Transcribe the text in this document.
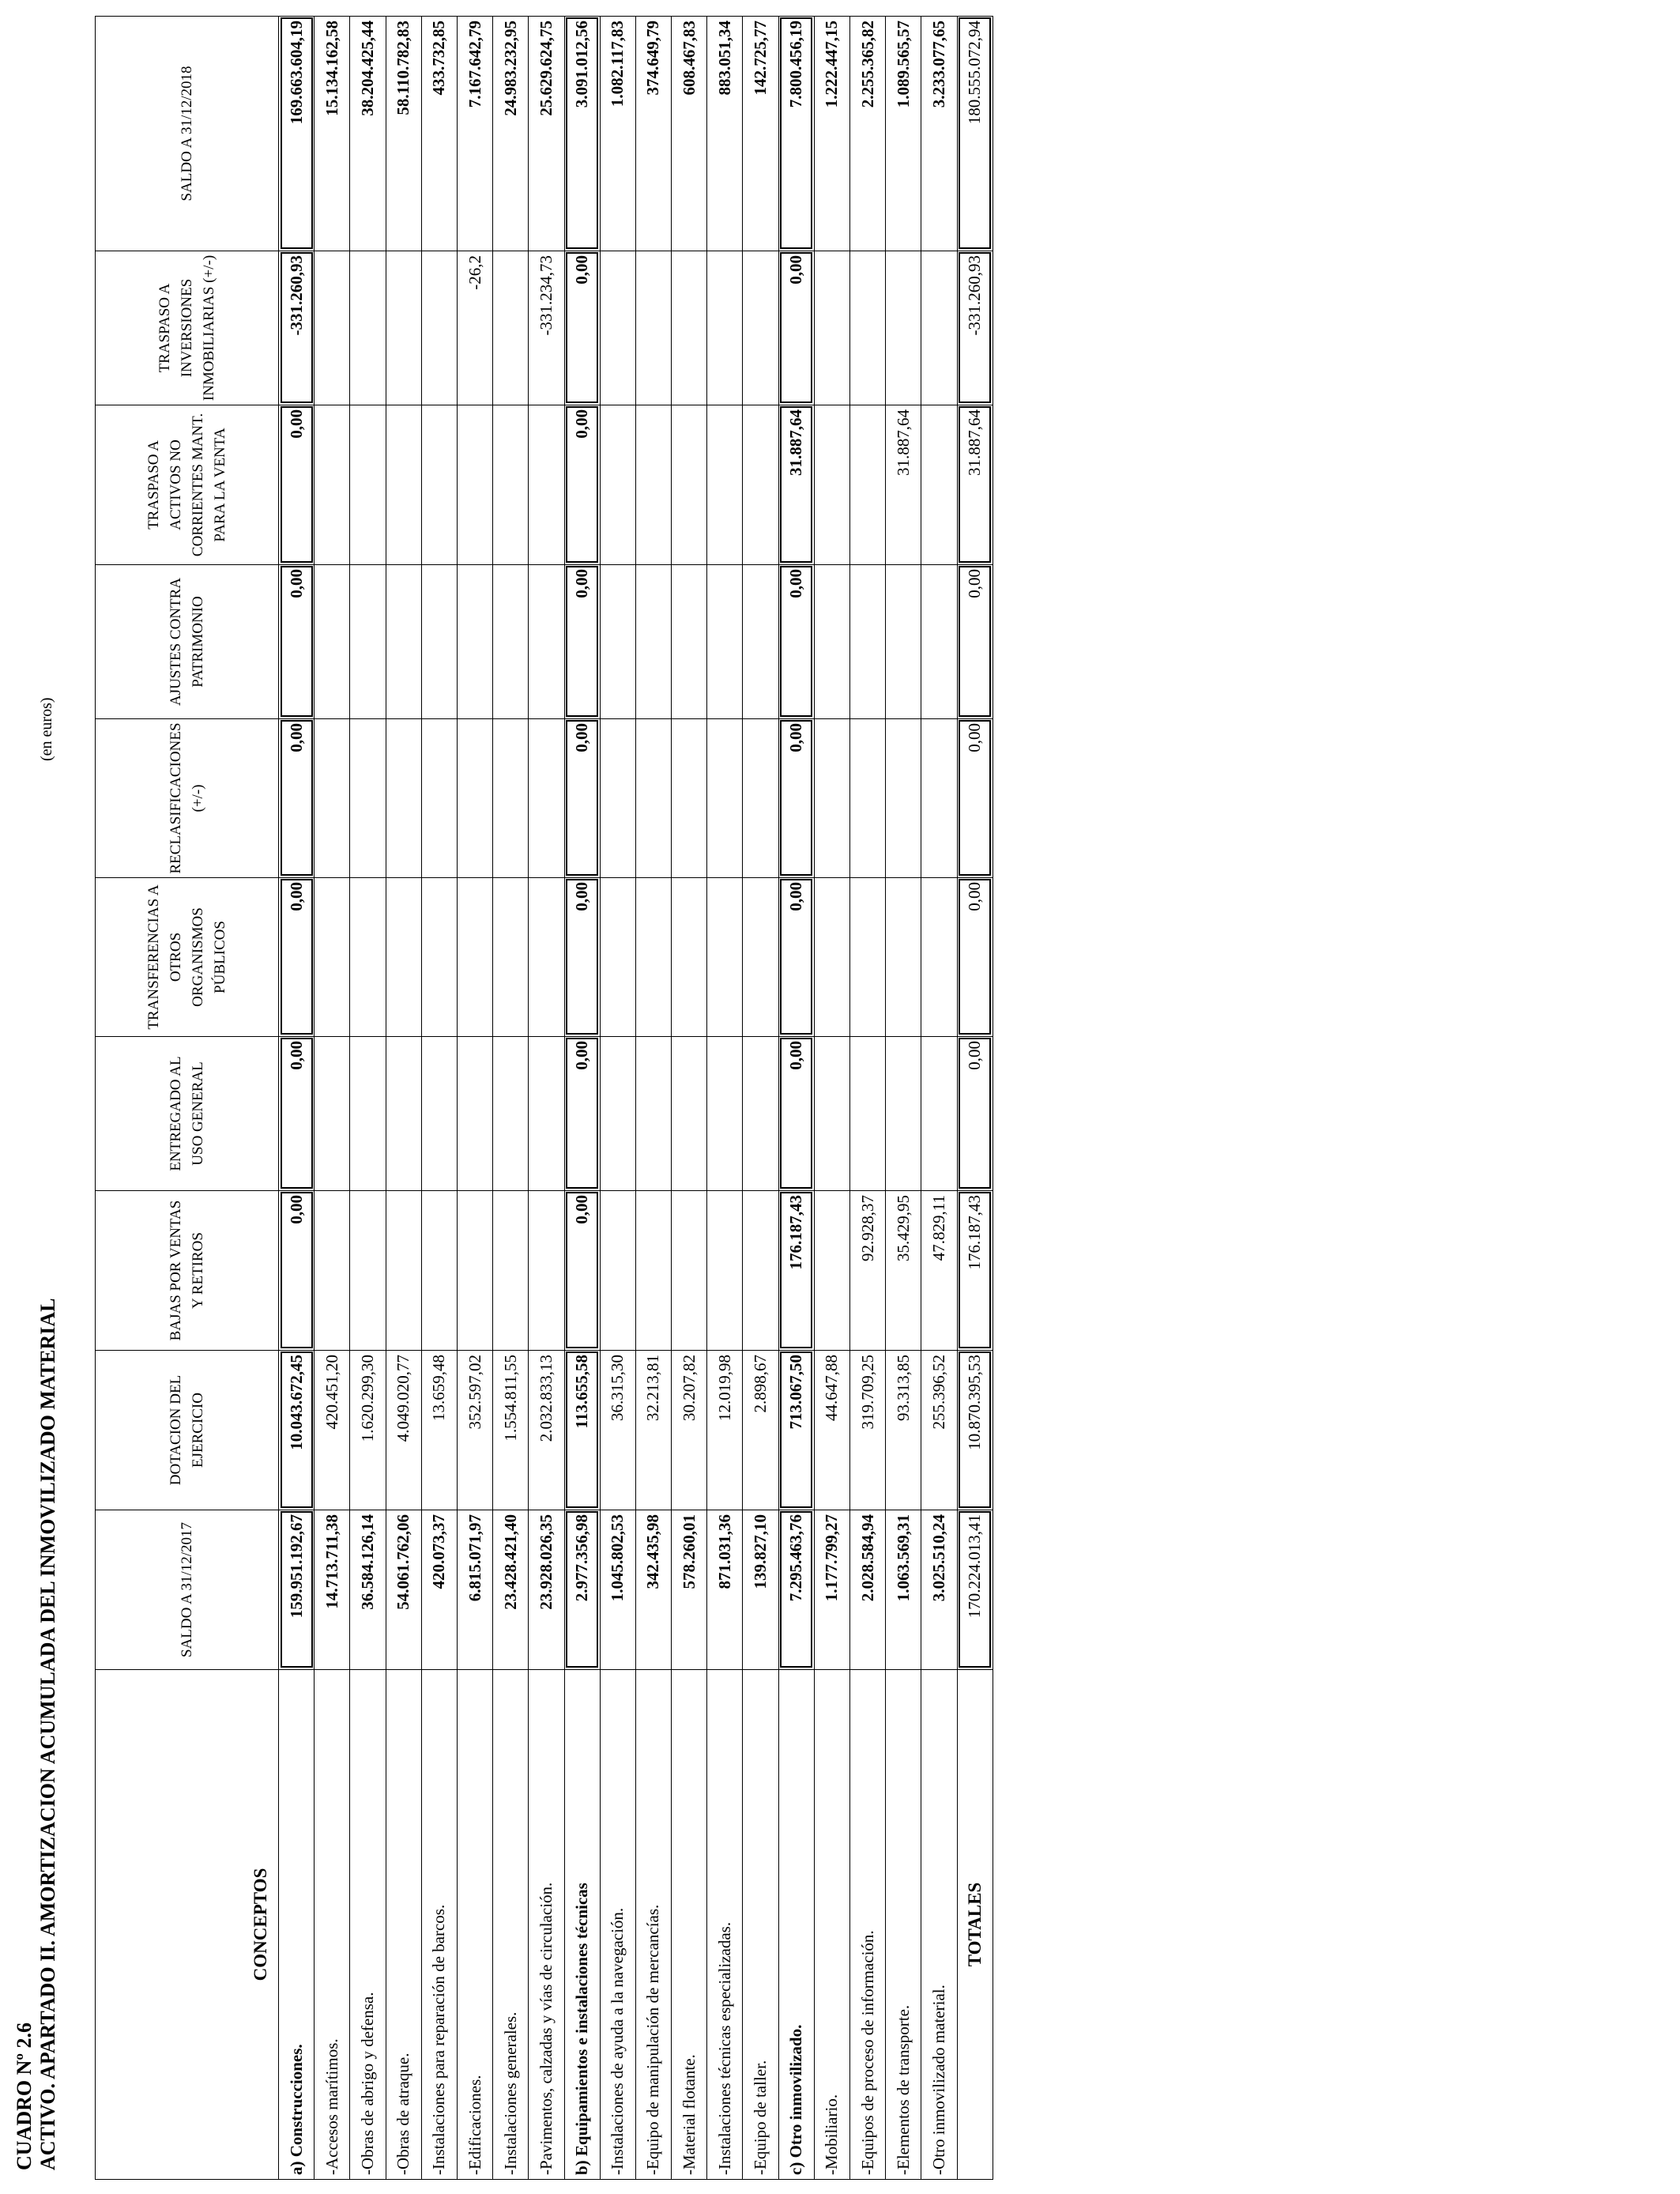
CUADRO Nº 2.6 ACTIVO. APARTADO II. AMORTIZACION ACUMULADA DEL INMOVILIZADO MATERIAL
(en euros)
CONCEPTOS	SALDO A 31/12/2017	DOTACION DEL EJERCICIO	BAJAS POR VENTAS Y RETIROS	ENTREGADO AL USO GENERAL	TRANSFERENCIAS A OTROS ORGANISMOS PÚBLICOS	RECLASIFICACIONES (+/-)	AJUSTES CONTRA PATRIMONIO	TRASPASO A ACTIVOS NO CORRIENTES MANT. PARA LA VENTA	TRASPASO A INVERSIONES INMOBILIARIAS (+/-)	SALDO A 31/12/2018
a) Construcciones.	159.951.192,67	10.043.672,45	0,00	0,00	0,00	0,00	0,00	0,00	-331.260,93	169.663.604,19
-Accesos marítimos.	14.713.711,38	420.451,20								15.134.162,58
-Obras de abrigo y defensa.	36.584.126,14	1.620.299,30								38.204.425,44
-Obras de atraque.	54.061.762,06	4.049.020,77								58.110.782,83
-Instalaciones para reparación de barcos.	420.073,37	13.659,48								433.732,85
-Edificaciones.	6.815.071,97	352.597,02							-26,2	7.167.642,79
-Instalaciones generales.	23.428.421,40	1.554.811,55								24.983.232,95
-Pavimentos, calzadas y vías de circulación.	23.928.026,35	2.032.833,13							-331.234,73	25.629.624,75
b) Equipamientos e instalaciones técnicas	2.977.356,98	113.655,58	0,00	0,00	0,00	0,00	0,00	0,00	0,00	3.091.012,56
-Instalaciones de ayuda a la navegación.	1.045.802,53	36.315,30								1.082.117,83
-Equipo de manipulación de mercancías.	342.435,98	32.213,81								374.649,79
-Material flotante.	578.260,01	30.207,82								608.467,83
-Instalaciones técnicas especializadas.	871.031,36	12.019,98								883.051,34
-Equipo de taller.	139.827,10	2.898,67								142.725,77
c) Otro inmovilizado.	7.295.463,76	713.067,50	176.187,43	0,00	0,00	0,00	0,00	31.887,64	0,00	7.800.456,19
-Mobiliario.	1.177.799,27	44.647,88								1.222.447,15
-Equipos de proceso de información.	2.028.584,94	319.709,25	92.928,37							2.255.365,82
-Elementos de transporte.	1.063.569,31	93.313,85	35.429,95					31.887,64		1.089.565,57
-Otro inmovilizado material.	3.025.510,24	255.396,52	47.829,11							3.233.077,65
TOTALES	170.224.013,41	10.870.395,53	176.187,43	0,00	0,00	0,00	0,00	31.887,64	-331.260,93	180.555.072,94
